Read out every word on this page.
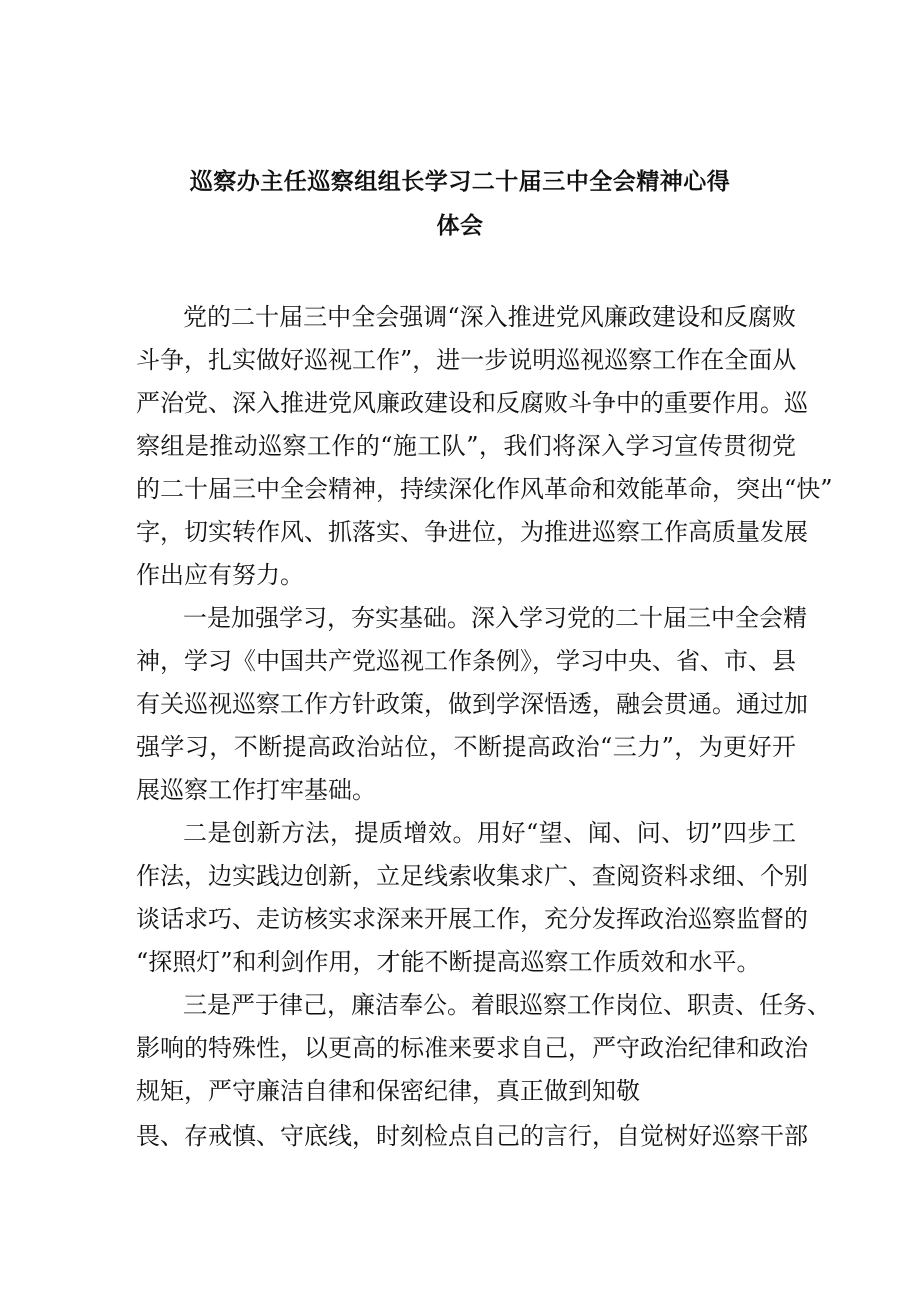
巡察办主任巡察组组长学习二十届三中全会精神心得
体会
党的二十届三中全会强调“深入推进党风廉政建设和反腐败
斗争，扎实做好巡视工作”，进一步说明巡视巡察工作在全面从
严治党、深入推进党风廉政建设和反腐败斗争中的重要作用。巡
察组是推动巡察工作的“施工队”，我们将深入学习宣传贯彻党
的二十届三中全会精神，持续深化作风革命和效能革命，突出“快”
字，切实转作风、抓落实、争进位，为推进巡察工作高质量发展
作出应有努力。
一是加强学习，夯实基础。深入学习党的二十届三中全会精
神，学习《中国共产党巡视工作条例》，学习中央、省、市、县
有关巡视巡察工作方针政策，做到学深悟透，融会贯通。通过加
强学习，不断提高政治站位，不断提高政治“三力”，为更好开
展巡察工作打牢基础。
二是创新方法，提质增效。用好“望、闻、问、切”四步工
作法，边实践边创新，立足线索收集求广、查阅资料求细、个别
谈话求巧、走访核实求深来开展工作，充分发挥政治巡察监督的
“探照灯”和利剑作用，才能不断提高巡察工作质效和水平。
三是严于律己，廉洁奉公。着眼巡察工作岗位、职责、任务、
影响的特殊性，以更高的标准来要求自己，严守政治纪律和政治
规矩，严守廉洁自律和保密纪律，真正做到知敬
畏、存戒慎、守底线，时刻检点自己的言行，自觉树好巡察干部
